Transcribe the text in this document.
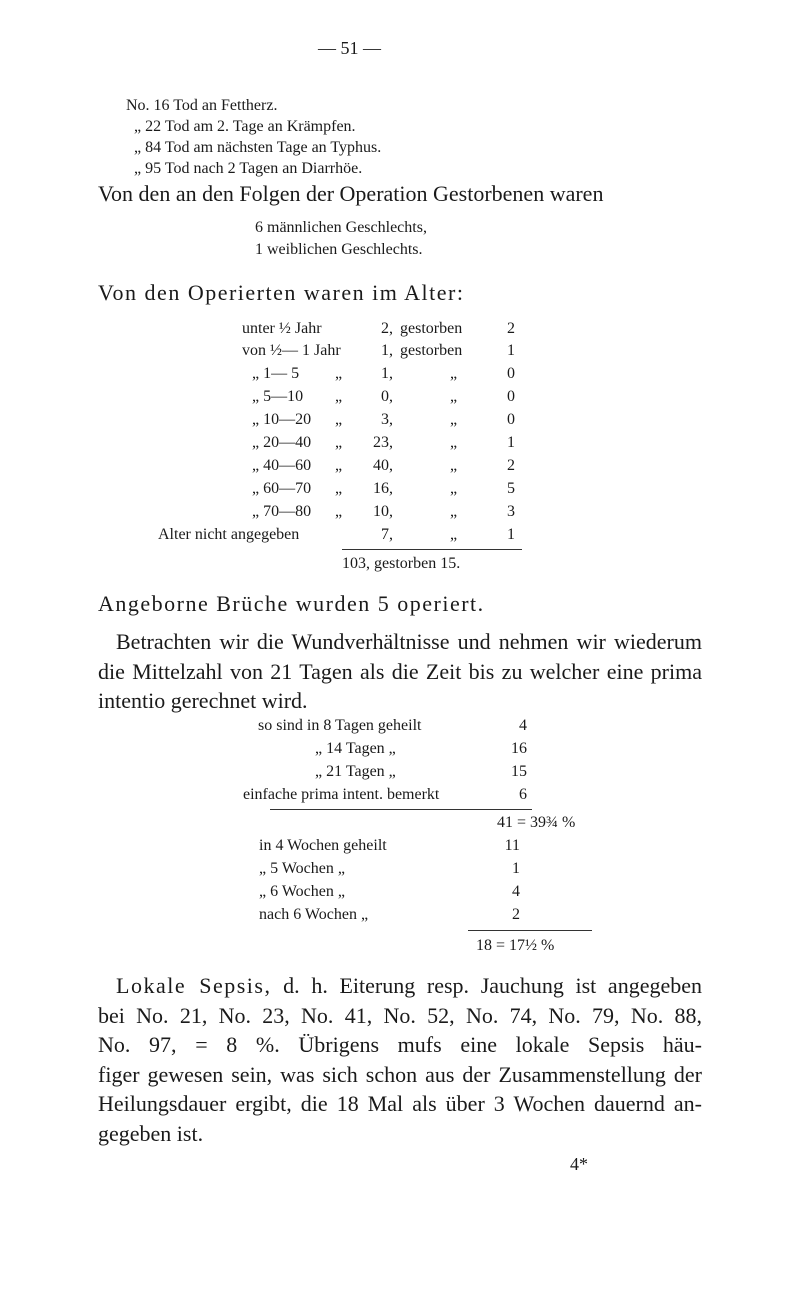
— 51 —
No. 16 Tod an Fettherz.
„ 22 Tod am 2. Tage an Krämpfen.
„ 84 Tod am nächsten Tage an Typhus.
„ 95 Tod nach 2 Tagen an Diarrhöe.
Von den an den Folgen der Operation Gestorbenen waren
6 männlichen Geschlechts,
1 weiblichen Geschlechts.
Von den Operierten waren im Alter:
unter ½ Jahr	2, gestorben	2
von ½— 1 Jahr	1, gestorben	1
„ 1— 5 „	1,	„	0
„ 5—10 „	0,	„	0
„ 10—20 „	3,	„	0
„ 20—40 „	23,	„	1
„ 40—60 „	40,	„	2
„ 60—70 „	16,	„	5
„ 70—80 „	10,	„	3
Alter nicht angegeben	7,	„	1
103, gestorben 15.
Angeborne Brüche wurden 5 operiert.
Betrachten wir die Wundverhältnisse und nehmen wir wiederum
die Mittelzahl von 21 Tagen als die Zeit bis zu welcher eine prima
intentio gerechnet wird.
so sind in 8 Tagen geheilt	4
„ 14 Tagen „	16
„ 21 Tagen „	15
einfache prima intent. bemerkt	6
41 = 39¾ %
in 4 Wochen geheilt	11
„ 5 Wochen „	1
„ 6 Wochen „	4
nach 6 Wochen „	2
18 = 17½ %
Lokale Sepsis, d. h. Eiterung resp. Jauchung ist angegeben
bei No. 21, No. 23, No. 41, No. 52, No. 74, No. 79, No. 88,
No. 97, = 8 %. Übrigens mufs eine lokale Sepsis häu-
figer gewesen sein, was sich schon aus der Zusammenstellung der
Heilungsdauer ergibt, die 18 Mal als über 3 Wochen dauernd an-
gegeben ist.
4*
